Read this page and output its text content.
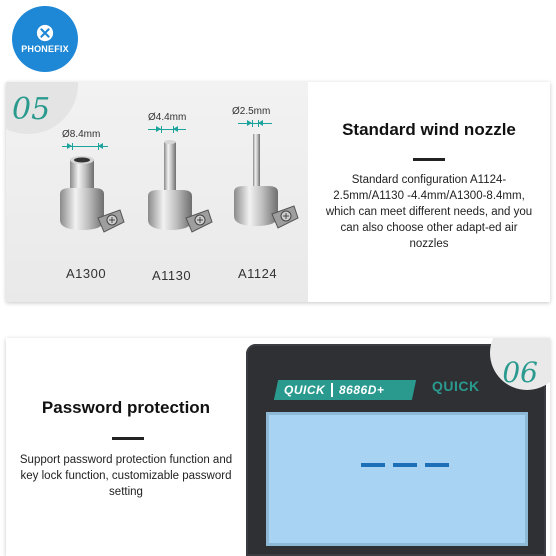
PHONEFIX
05
Ø8.4mm
Ø4.4mm
Ø2.5mm
A1300	A1130	A1124
Standard wind nozzle
Standard configuration A1124-2.5mm/A1130 -4.4mm/A1300-8.4mm, which can meet different needs, and you can also choose other adapt-ed air nozzles
Password protection
Support password protection function and key lock function, customizable password setting
QUICK 8686D+	QUICK 06
